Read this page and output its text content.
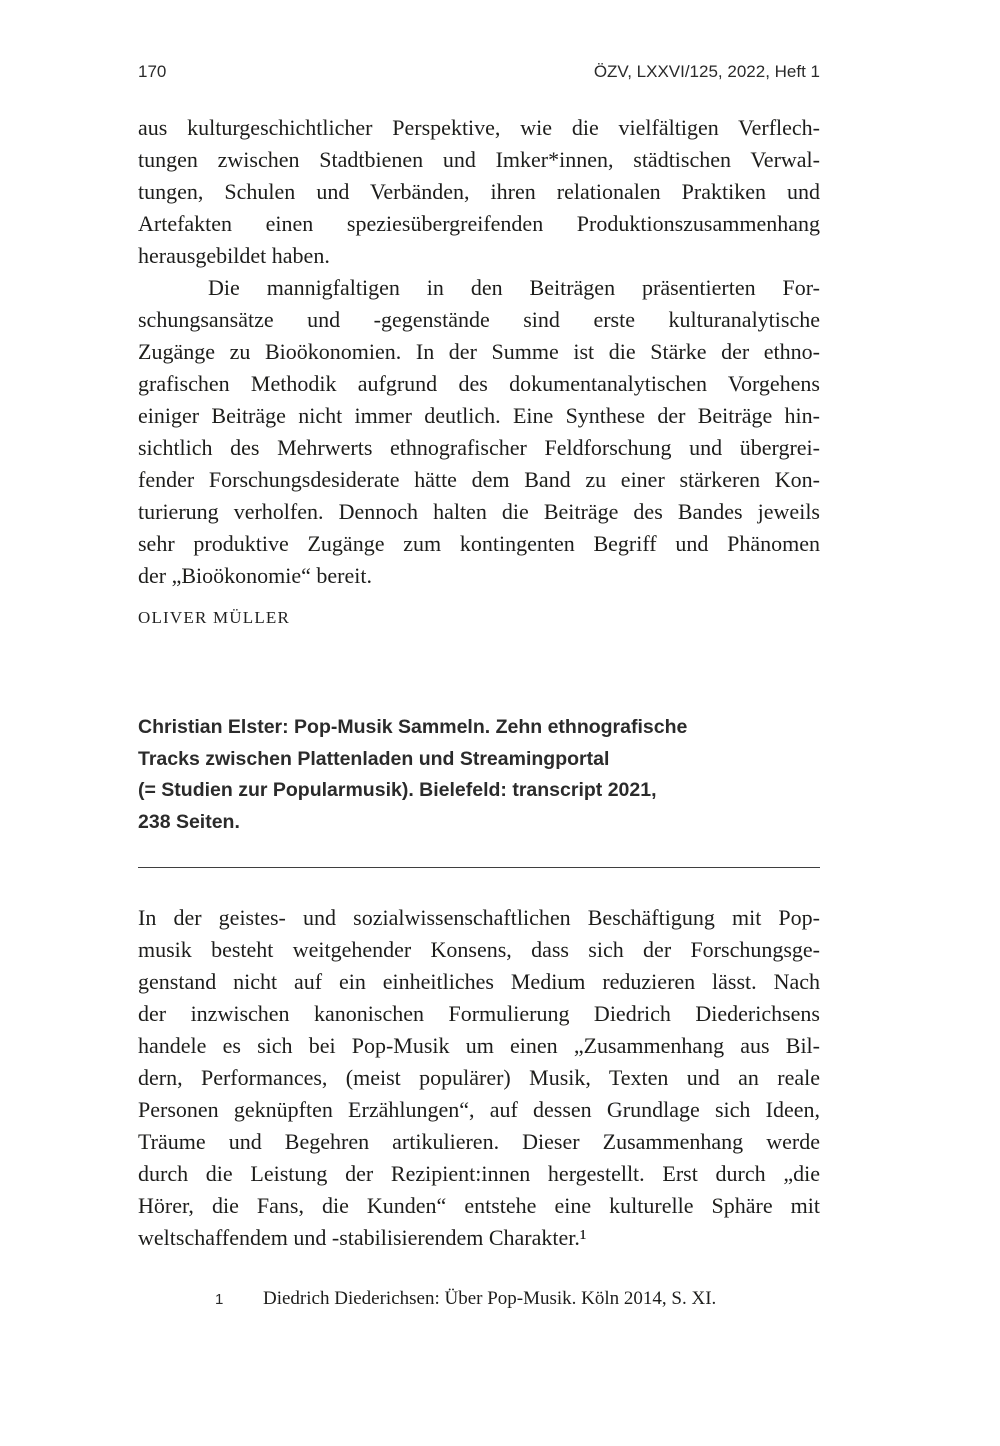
170	ÖZV, LXXVI/125, 2022, Heft 1
aus kulturgeschichtlicher Perspektive, wie die vielfältigen Verflech-
tungen zwischen Stadtbienen und Imker*innen, städtischen Verwal-
tungen, Schulen und Verbänden, ihren relationalen Praktiken und
Artefakten einen speziesübergreifenden Produktionszusammenhang
herausgebildet haben.
Die mannigfaltigen in den Beiträgen präsentierten For-
schungsansätze und -gegenstände sind erste kulturanalytische
Zugänge zu Bioökonomien. In der Summe ist die Stärke der ethno-
grafischen Methodik aufgrund des dokumentanalytischen Vorgehens
einiger Beiträge nicht immer deutlich. Eine Synthese der Beiträge hin-
sichtlich des Mehrwerts ethnografischer Feldforschung und übergrei-
fender Forschungsdesiderate hätte dem Band zu einer stärkeren Kon-
turierung verholfen. Dennoch halten die Beiträge des Bandes jeweils
sehr produktive Zugänge zum kontingenten Begriff und Phänomen
der „Bioökonomie“ bereit.
OLIVER MÜLLER
Christian Elster: Pop-Musik Sammeln. Zehn ethnografische
Tracks zwischen Plattenladen und Streamingportal
(= Studien zur Popularmusik). Bielefeld: transcript 2021,
238 Seiten.
In der geistes- und sozialwissenschaftlichen Beschäftigung mit Pop-
musik besteht weitgehender Konsens, dass sich der Forschungsge-
genstand nicht auf ein einheitliches Medium reduzieren lässt. Nach
der inzwischen kanonischen Formulierung Diedrich Diederichsens
handele es sich bei Pop-Musik um einen „Zusammenhang aus Bil-
dern, Performances, (meist populärer) Musik, Texten und an reale
Personen geknüpften Erzählungen“, auf dessen Grundlage sich Ideen,
Träume und Begehren artikulieren. Dieser Zusammenhang werde
durch die Leistung der Rezipient:innen hergestellt. Erst durch „die
Hörer, die Fans, die Kunden“ entstehe eine kulturelle Sphäre mit
weltschaffendem und -stabilisierendem Charakter.¹
1	Diedrich Diederichsen: Über Pop-Musik. Köln 2014, S. XI.
